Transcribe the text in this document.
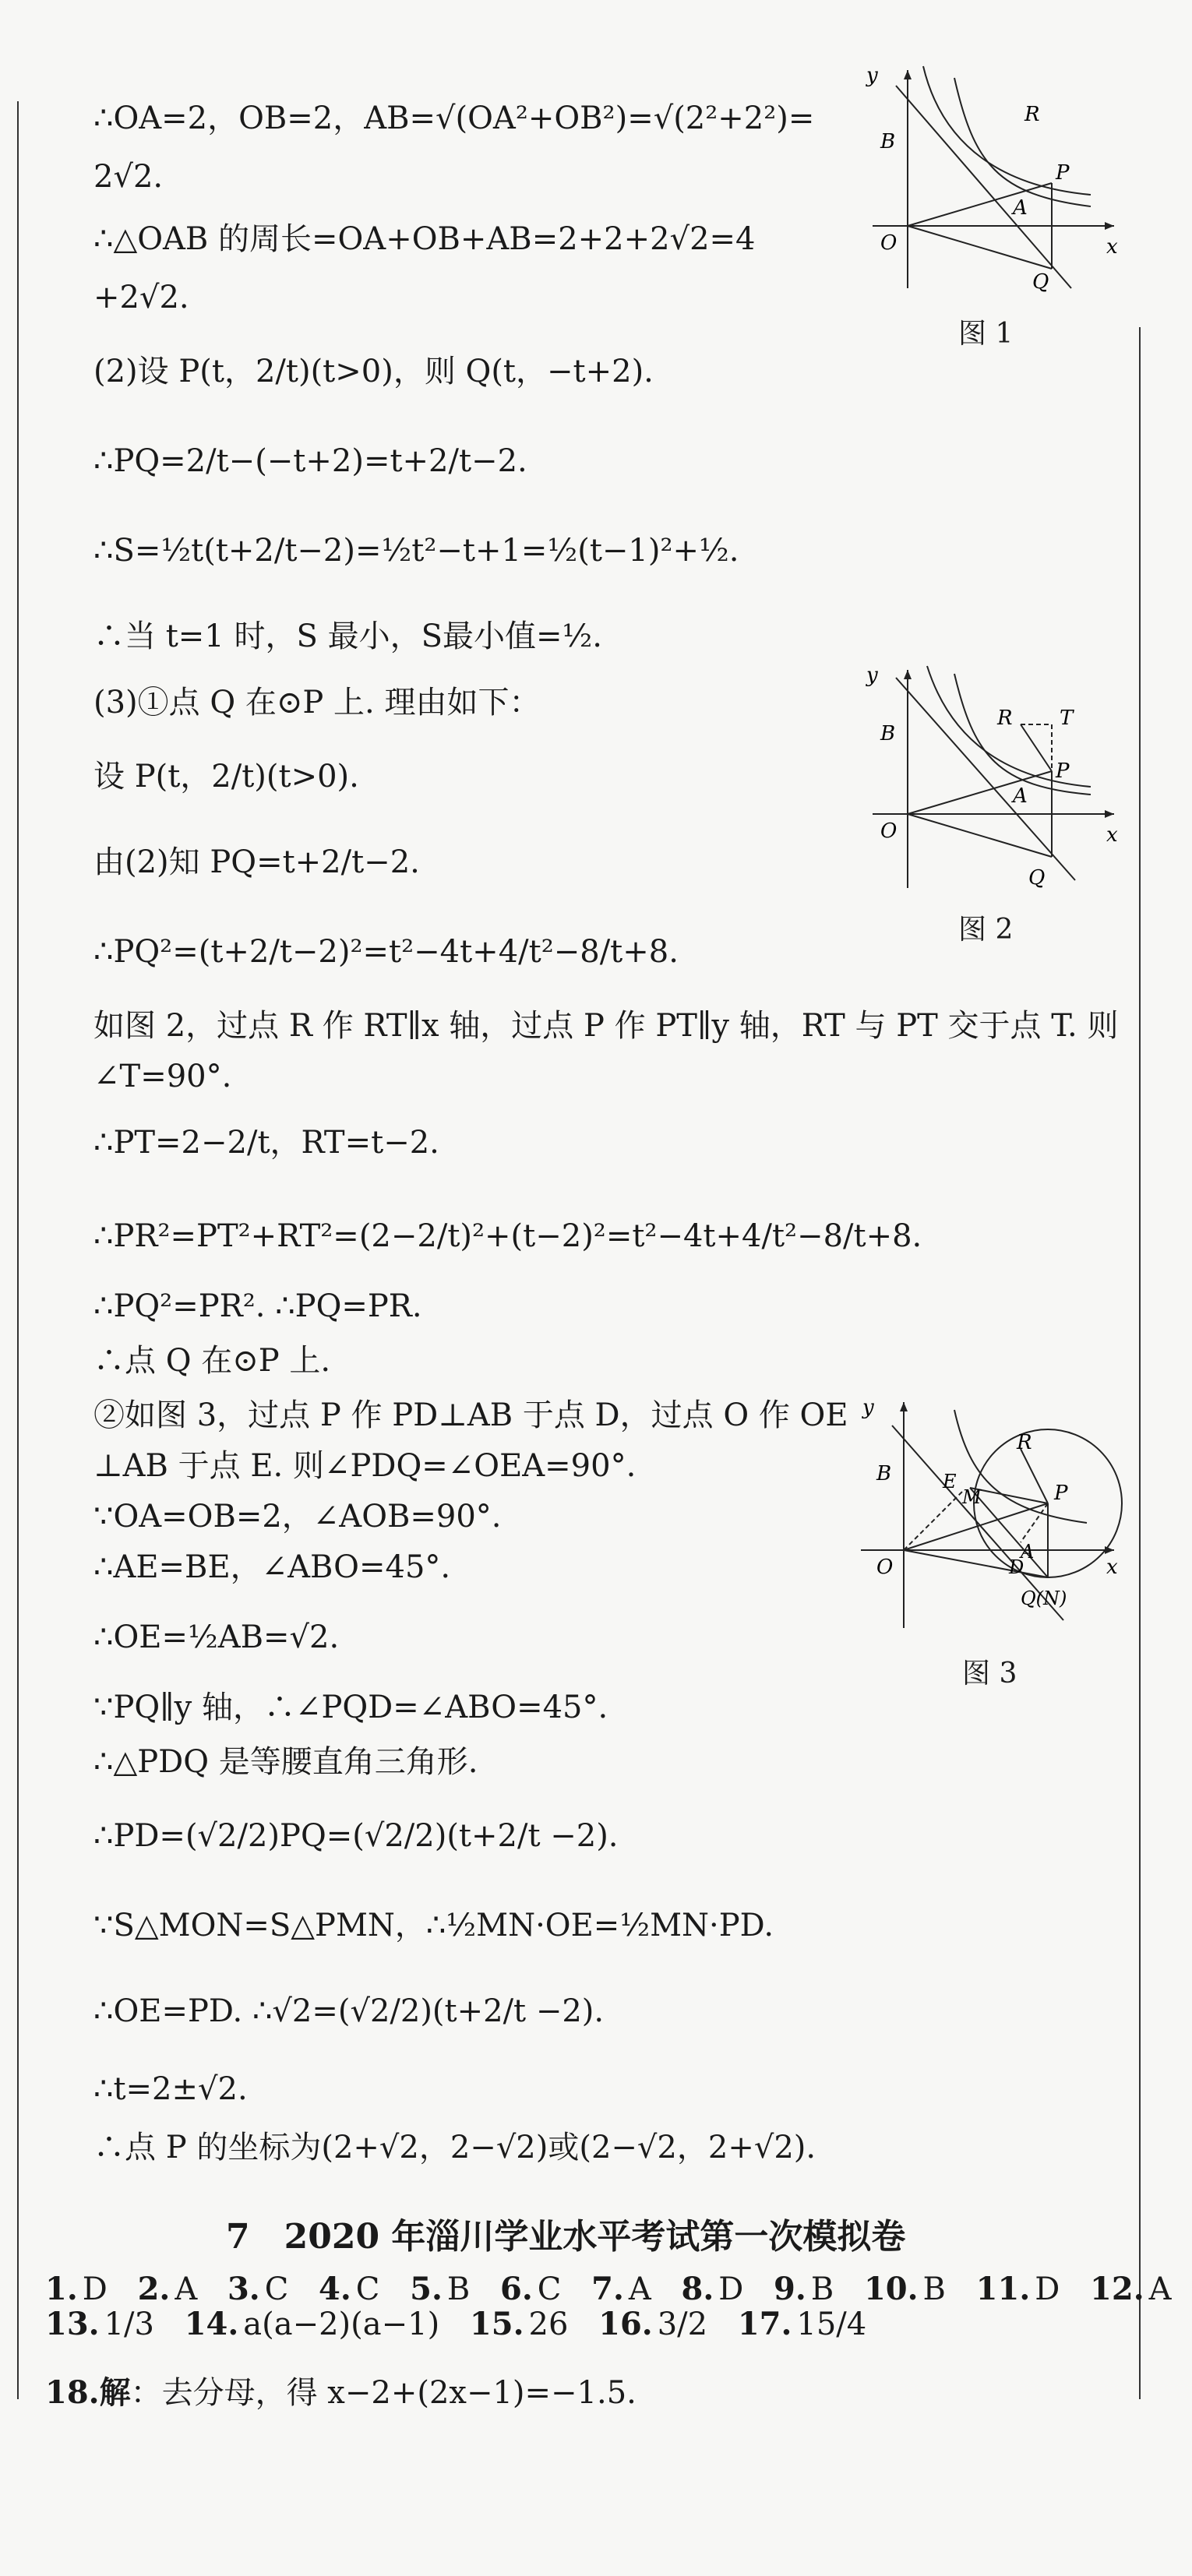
∴OA=2，OB=2，AB=√(OA²+OB²)=√(2²+2²)=
2√2.
∴△OAB 的周长=OA+OB+AB=2+2+2√2=4
+2√2.
(2)设 P(t，2/t)(t>0)，则 Q(t，−t+2).
∴PQ=2/t−(−t+2)=t+2/t−2.
∴S=½t(t+2/t−2)=½t²−t+1=½(t−1)²+½.
∴当 t=1 时，S 最小，S最小值=½.
(3)①点 Q 在⊙P 上. 理由如下：
设 P(t，2/t)(t>0).
由(2)知 PQ=t+2/t−2.
∴PQ²=(t+2/t−2)²=t²−4t+4/t²−8/t+8.
如图 2，过点 R 作 RT∥x 轴，过点 P 作 PT∥y 轴，RT 与 PT 交于点 T. 则
∠T=90°.
∴PT=2−2/t，RT=t−2.
∴PR²=PT²+RT²=(2−2/t)²+(t−2)²=t²−4t+4/t²−8/t+8.
∴PQ²=PR². ∴PQ=PR.
∴点 Q 在⊙P 上.
②如图 3，过点 P 作 PD⊥AB 于点 D，过点 O 作 OE
⊥AB 于点 E. 则∠PDQ=∠OEA=90°.
∵OA=OB=2，∠AOB=90°.
∴AE=BE，∠ABO=45°.
∴OE=½AB=√2.
∵PQ∥y 轴，∴∠PQD=∠ABO=45°.
∴△PDQ 是等腰直角三角形.
∴PD=(√2/2)PQ=(√2/2)(t+2/t −2).
∵S△MON=S△PMN，∴½MN·OE=½MN·PD.
∴OE=PD. ∴√2=(√2/2)(t+2/t −2).
∴t=2±√2.
∴点 P 的坐标为(2+√2，2−√2)或(2−√2，2+√2).
y
x
O
B
A
P
Q
R
图 1
y
x
O
B
A
P
Q
R T
图 2
y
x
O
B	E
M
A
D
P
R
Q(N)
图 3
7　2020 年淄川学业水平考试第一次模拟卷
1. D 2. A 3. C 4. C 5. B 6. C 7. A 8. D 9. B 10. B 11. D 12. A
13. 1/3 14. a(a−2)(a−1) 15. 26 16. 3/2 17. 15/4
18.解：去分母，得 x−2+(2x−1)=−1.5.
